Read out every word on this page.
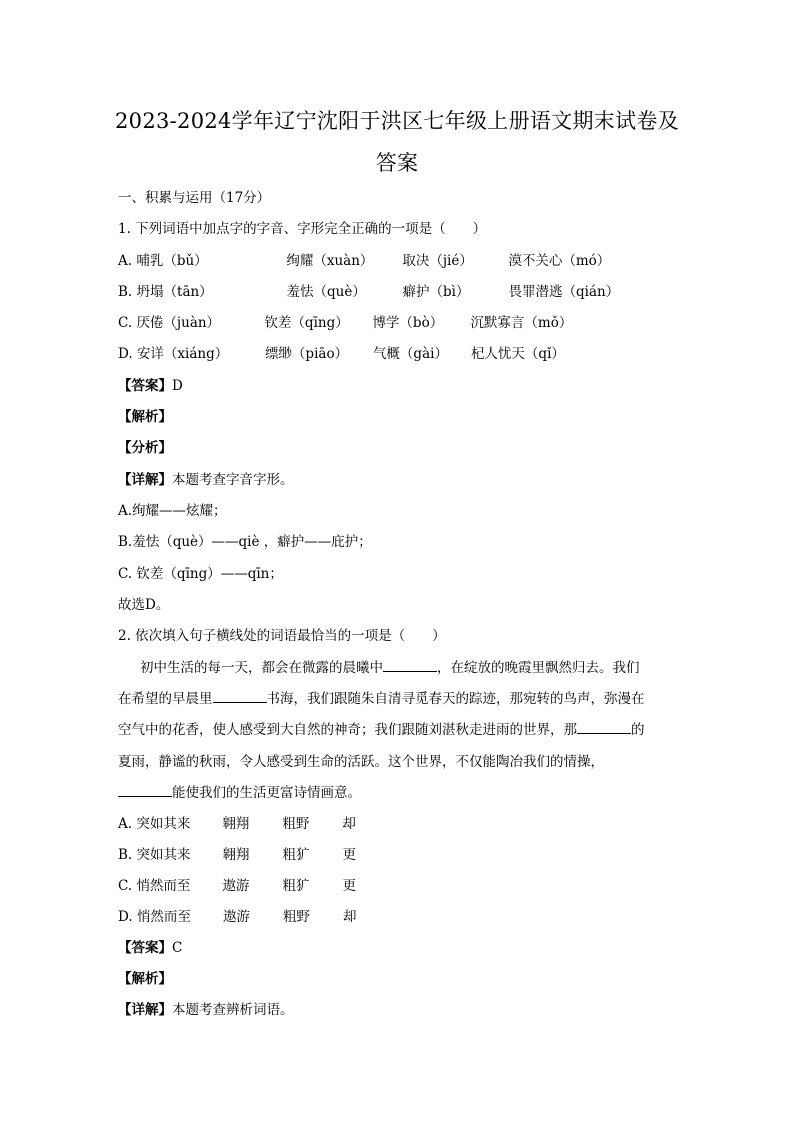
2023-2024学年辽宁沈阳于洪区七年级上册语文期末试卷及
答案
一、积累与运用（17分）
1. 下列词语中加点字的字音、字形完全正确的一项是（　　）
A. 哺乳（bǔ）	绚耀（xuàn） 取决（jié）	漠不关心（mó）
B. 坍塌（tān）	羞怯（què）	癖护（bì）	畏罪潜逃（qián）
C. 厌倦（juàn）	钦差（qīng） 博学（bò） 沉默寡言（mǒ）
D. 安详（xiáng）	缥缈（piāo） 气概（gài） 杞人忧天（qǐ）
【答案】D
【解析】
【分析】
【详解】本题考查字音字形。
A.绚耀——炫耀；
B.羞怯（què）——qiè ，癖护——庇护；
C. 钦差（qīng）——qīn；
故选D。
2. 依次填入句子横线处的词语最恰当的一项是（　　）
初中生活的每一天，都会在微露的晨曦中	，在绽放的晚霞里飘然归去。我们
在希望的早晨里	书海，我们跟随朱自清寻觅春天的踪迹，那宛转的鸟声，弥漫在
空气中的花香，使人感受到大自然的神奇；我们跟随刘湛秋走进雨的世界，那	的
夏雨，静谧的秋雨，令人感受到生命的活跃。这个世界，不仅能陶冶我们的情操，
能使我们的生活更富诗情画意。
A. 突如其来 翱翔 粗野 却
B. 突如其来 翱翔 粗犷 更
C. 悄然而至 遨游 粗犷 更
D. 悄然而至 遨游 粗野 却
【答案】C
【解析】
【详解】本题考查辨析词语。
